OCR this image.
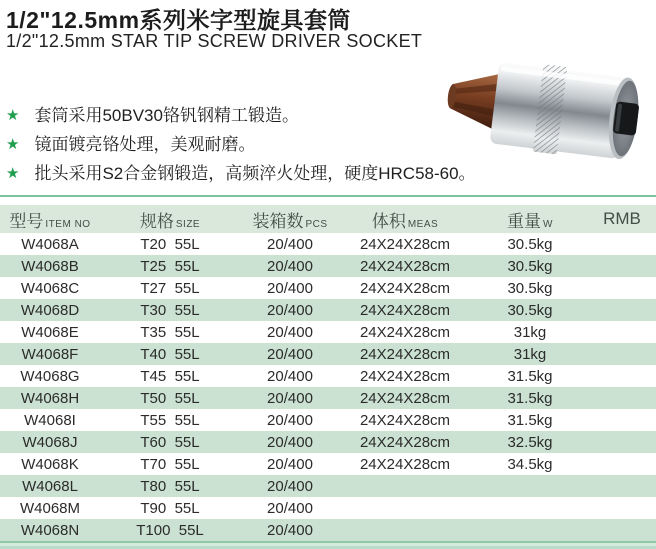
1/2"12.5mm系列米字型旋具套筒
1/2"12.5mm STAR TIP SCREW DRIVER SOCKET
★ 套筒采用50BV30铬钒钢精工锻造。
★ 镜面镀亮铬处理，美观耐磨。
★ 批头采用S2合金钢锻造，高频淬火处理，硬度HRC58-60。
型号 ITEM NO	规格 SIZE	装箱数 PCS	体积 MEAS	重量 W	RMB
W4068A	T20  55L	20/400	24X24X28cm	30.5kg
W4068B	T25  55L	20/400	24X24X28cm	30.5kg
W4068C	T27  55L	20/400	24X24X28cm	30.5kg
W4068D	T30  55L	20/400	24X24X28cm	30.5kg
W4068E	T35  55L	20/400	24X24X28cm	31kg
W4068F	T40  55L	20/400	24X24X28cm	31kg
W4068G	T45  55L	20/400	24X24X28cm	31.5kg
W4068H	T50  55L	20/400	24X24X28cm	31.5kg
W4068I	T55  55L	20/400	24X24X28cm	31.5kg
W4068J	T60  55L	20/400	24X24X28cm	32.5kg
W4068K	T70  55L	20/400	24X24X28cm	34.5kg
W4068L	T80  55L	20/400
W4068M	T90  55L	20/400
W4068N	T100  55L	20/400
